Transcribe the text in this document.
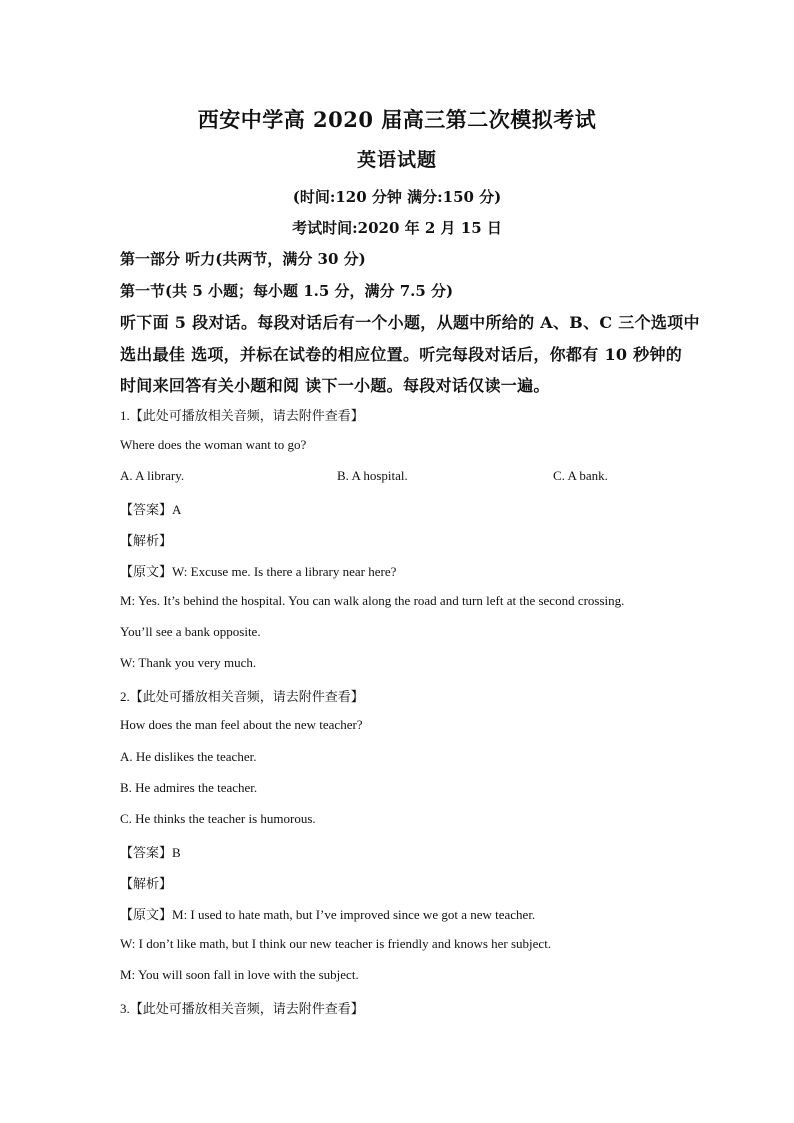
西安中学高 2020 届高三第二次模拟考试
英语试题
(时间:120 分钟 满分:150 分)
考试时间:2020 年 2 月 15 日
第一部分 听力(共两节，满分 30 分)
第一节(共 5 小题；每小题 1.5 分，满分 7.5 分)
听下面 5 段对话。每段对话后有一个小题，从题中所给的 A、B、C 三个选项中
选出最佳 选项，并标在试卷的相应位置。听完每段对话后，你都有 10 秒钟的
时间来回答有关小题和阅 读下一小题。每段对话仅读一遍。
1.【此处可播放相关音频，请去附件查看】
Where does the woman want to go?
A. A library.	B. A hospital.	C. A bank.
【答案】A
【解析】
【原文】W: Excuse me. Is there a library near here?
M: Yes. It’s behind the hospital. You can walk along the road and turn left at the second crossing.
You’ll see a bank opposite.
W: Thank you very much.
2.【此处可播放相关音频，请去附件查看】
How does the man feel about the new teacher?
A. He dislikes the teacher.
B. He admires the teacher.
C. He thinks the teacher is humorous.
【答案】B
【解析】
【原文】M: I used to hate math, but I’ve improved since we got a new teacher.
W: I don’t like math, but I think our new teacher is friendly and knows her subject.
M: You will soon fall in love with the subject.
3.【此处可播放相关音频，请去附件查看】
